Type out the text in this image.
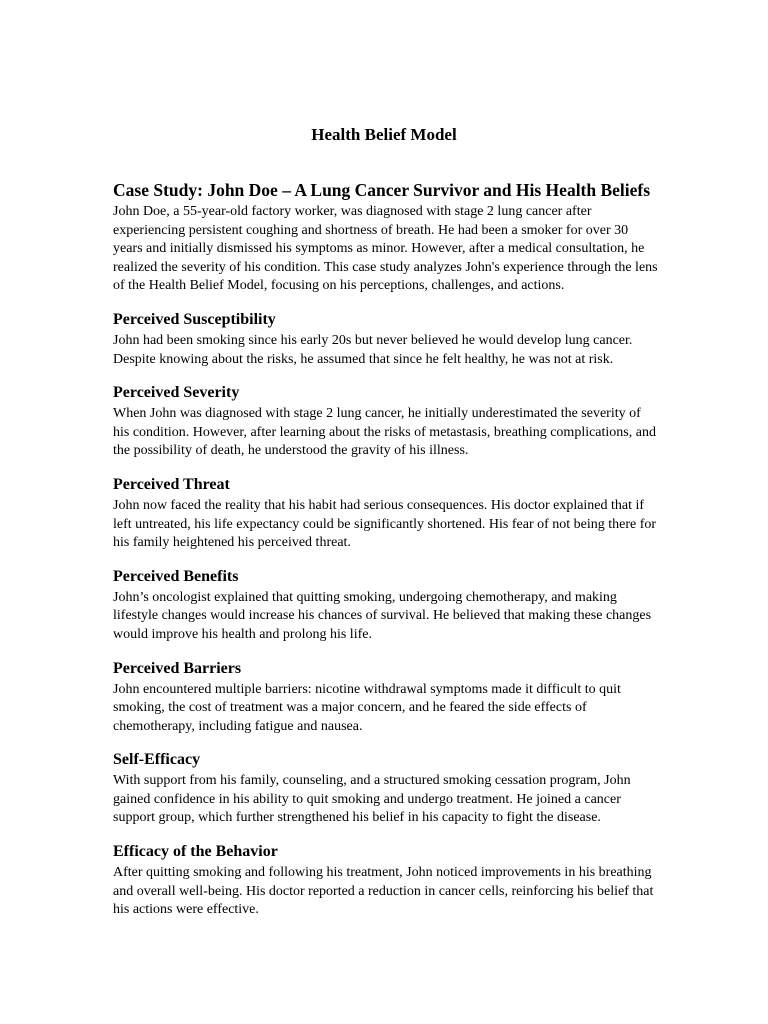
Health Belief Model
Case Study: John Doe – A Lung Cancer Survivor and His Health Beliefs

John Doe, a 55-year-old factory worker, was diagnosed with stage 2 lung cancer after experiencing persistent coughing and shortness of breath. He had been a smoker for over 30 years and initially dismissed his symptoms as minor. However, after a medical consultation, he realized the severity of his condition. This case study analyzes John's experience through the lens of the Health Belief Model, focusing on his perceptions, challenges, and actions.

Perceived Susceptibility

John had been smoking since his early 20s but never believed he would develop lung cancer. Despite knowing about the risks, he assumed that since he felt healthy, he was not at risk.

Perceived Severity

When John was diagnosed with stage 2 lung cancer, he initially underestimated the severity of his condition. However, after learning about the risks of metastasis, breathing complications, and the possibility of death, he understood the gravity of his illness.

Perceived Threat

John now faced the reality that his habit had serious consequences. His doctor explained that if left untreated, his life expectancy could be significantly shortened. His fear of not being there for his family heightened his perceived threat.

Perceived Benefits

John’s oncologist explained that quitting smoking, undergoing chemotherapy, and making lifestyle changes would increase his chances of survival. He believed that making these changes would improve his health and prolong his life.

Perceived Barriers

John encountered multiple barriers: nicotine withdrawal symptoms made it difficult to quit smoking, the cost of treatment was a major concern, and he feared the side effects of chemotherapy, including fatigue and nausea.

Self-Efficacy

With support from his family, counseling, and a structured smoking cessation program, John gained confidence in his ability to quit smoking and undergo treatment. He joined a cancer support group, which further strengthened his belief in his capacity to fight the disease.

Efficacy of the Behavior

After quitting smoking and following his treatment, John noticed improvements in his breathing and overall well-being. His doctor reported a reduction in cancer cells, reinforcing his belief that his actions were effective.
